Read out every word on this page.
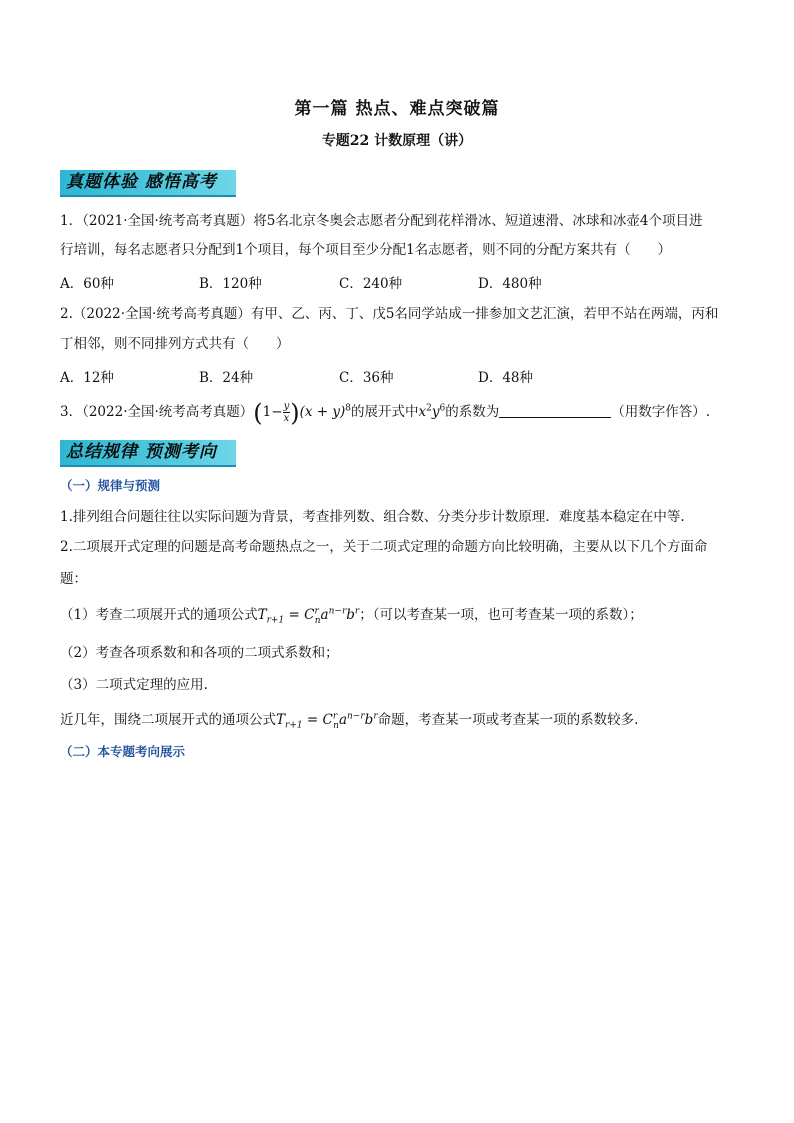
第一篇 热点、难点突破篇
专题22 计数原理（讲）
真题体验 感悟高考
1．（2021·全国·统考高考真题）将5名北京冬奥会志愿者分配到花样滑冰、短道速滑、冰球和冰壶4个项目进
行培训，每名志愿者只分配到1个项目，每个项目至少分配1名志愿者，则不同的分配方案共有（　　）
A．60种	B．120种	C．240种	D．480种
2.（2022·全国·统考高考真题）有甲、乙、丙、丁、戊5名同学站成一排参加文艺汇演，若甲不站在两端，丙和
丁相邻，则不同排列方式共有（　　）
A．12种	B．24种	C．36种	D．48种
3．（2022·全国·统考高考真题）$(1- \frac{y}{x} )(x + y)^8$的展开式中$x^2y^6$的系数为	（用数字作答）.
总结规律 预测考向
（一）规律与预测
1.排列组合问题往往以实际问题为背景，考查排列数、组合数、分类分步计数原理．难度基本稳定在中等.
2.二项展开式定理的问题是高考命题热点之一，关于二项式定理的命题方向比较明确，主要从以下几个方面命
题：
（1）考查二项展开式的通项公式$T_{r+1} = C^r_na^{n-r}b^r$；（可以考查某一项，也可考查某一项的系数）；
（2）考查各项系数和和各项的二项式系数和；
（3）二项式定理的应用.
近几年，围绕二项展开式的通项公式$T_{r+1} = C^r_na^{n-r}b^r$命题，考查某一项或考查某一项的系数较多.
（二）本专题考向展示
